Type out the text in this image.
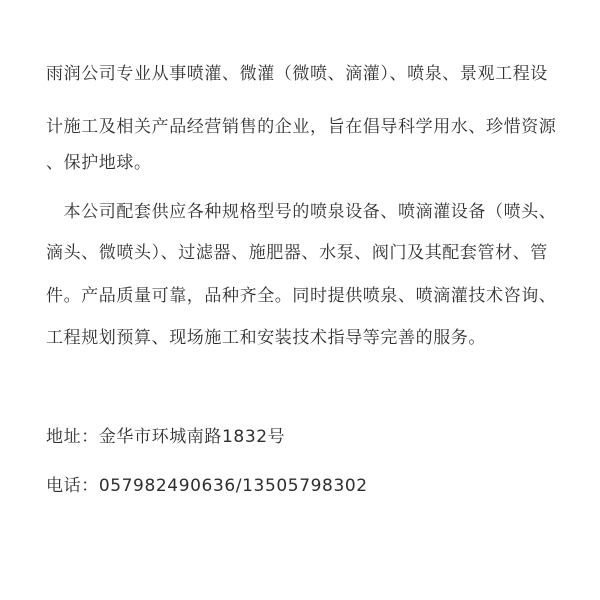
雨润公司专业从事喷灌、微灌（微喷、滴灌）、喷泉、景观工程设
计施工及相关产品经营销售的企业，旨在倡导科学用水、珍惜资源
、保护地球。
　本公司配套供应各种规格型号的喷泉设备、喷滴灌设备（喷头、
滴头、微喷头）、过滤器、施肥器、水泵、阀门及其配套管材、管
件。产品质量可靠，品种齐全。同时提供喷泉、喷滴灌技术咨询、
工程规划预算、现场施工和安装技术指导等完善的服务。
地址：金华市环城南路1832号
电话：057982490636/13505798302
